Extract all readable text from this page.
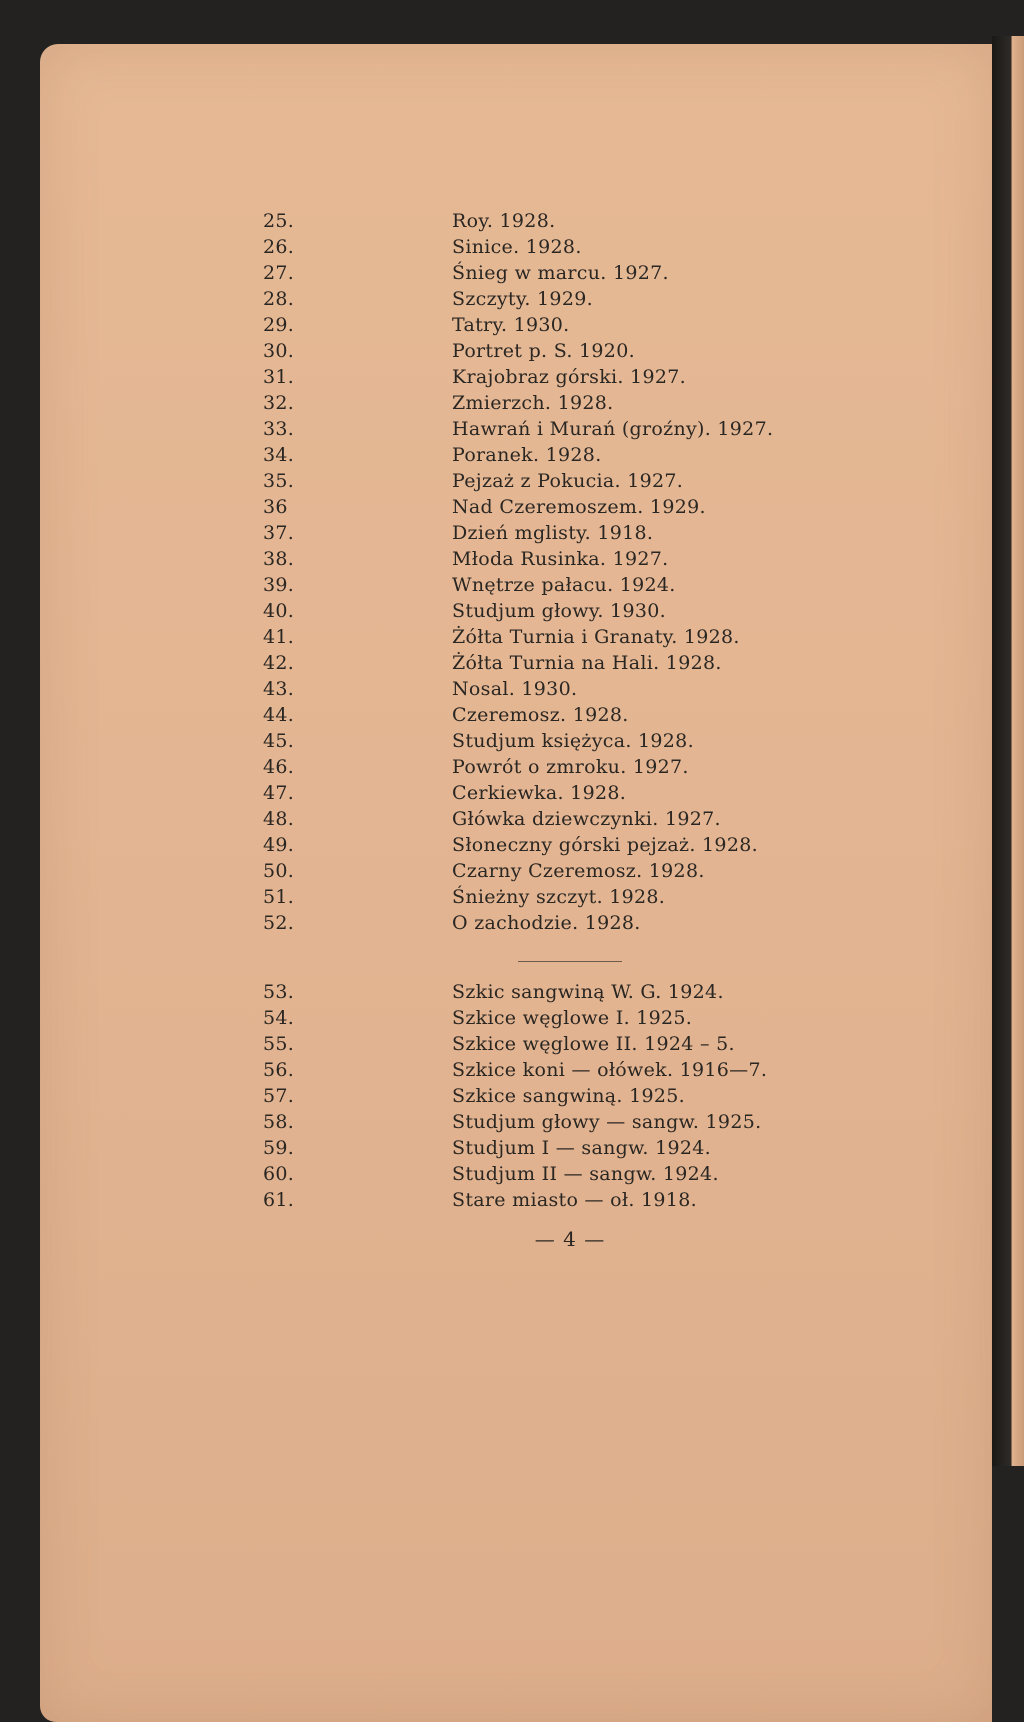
25.	Roy. 1928.
26.	Sinice. 1928.
27.	Śnieg w marcu. 1927.
28.	Szczyty. 1929.
29.	Tatry. 1930.
30.	Portret p. S. 1920.
31.	Krajobraz górski. 1927.
32.	Zmierzch. 1928.
33.	Hawrań i Murań (groźny). 1927.
34.	Poranek. 1928.
35.	Pejzaż z Pokucia. 1927.
36	Nad Czeremoszem. 1929.
37.	Dzień mglisty. 1918.
38.	Młoda Rusinka. 1927.
39.	Wnętrze pałacu. 1924.
40.	Studjum głowy. 1930.
41.	Żółta Turnia i Granaty. 1928.
42.	Żółta Turnia na Hali. 1928.
43.	Nosal. 1930.
44.	Czeremosz. 1928.
45.	Studjum księżyca. 1928.
46.	Powrót o zmroku. 1927.
47.	Cerkiewka. 1928.
48.	Główka dziewczynki. 1927.
49.	Słoneczny górski pejzaż. 1928.
50.	Czarny Czeremosz. 1928.
51.	Śnieżny szczyt. 1928.
52.	O zachodzie. 1928.
53.	Szkic sangwiną W. G. 1924.
54.	Szkice węglowe I. 1925.
55.	Szkice węglowe II. 1924 – 5.
56.	Szkice koni — ołówek. 1916—7.
57.	Szkice sangwiną. 1925.
58.	Studjum głowy — sangw. 1925.
59.	Studjum I — sangw. 1924.
60.	Studjum II — sangw. 1924.
61.	Stare miasto — oł. 1918.
— 4 —
